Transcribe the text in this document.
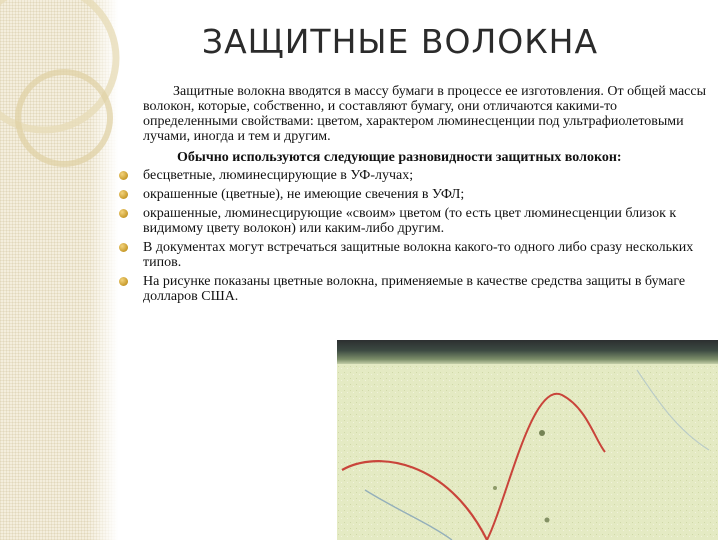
ЗАЩИТНЫЕ ВОЛОКНА

Защитные волокна вводятся в массу бумаги в процессе ее изготовления. От общей массы волокон, которые, собственно, и составляют бумагу, они отличаются какими-то определенными свойствами: цветом, характером люминесценции под ультрафиолетовыми лучами, иногда и тем и другим.

Обычно используются следующие разновидности защитных волокон:

бесцветные, люминесцирующие в УФ-лучах;
окрашенные (цветные), не имеющие свечения в УФЛ;
окрашенные, люминесцирующие «своим» цветом (то есть цвет люминесценции близок к видимому цвету волокон) или каким-либо другим.
В документах могут встречаться защитные волокна какого-то одного либо сразу нескольких типов.
На рисунке показаны цветные волокна, применяемые в качестве средства защиты в бумаге долларов США.
